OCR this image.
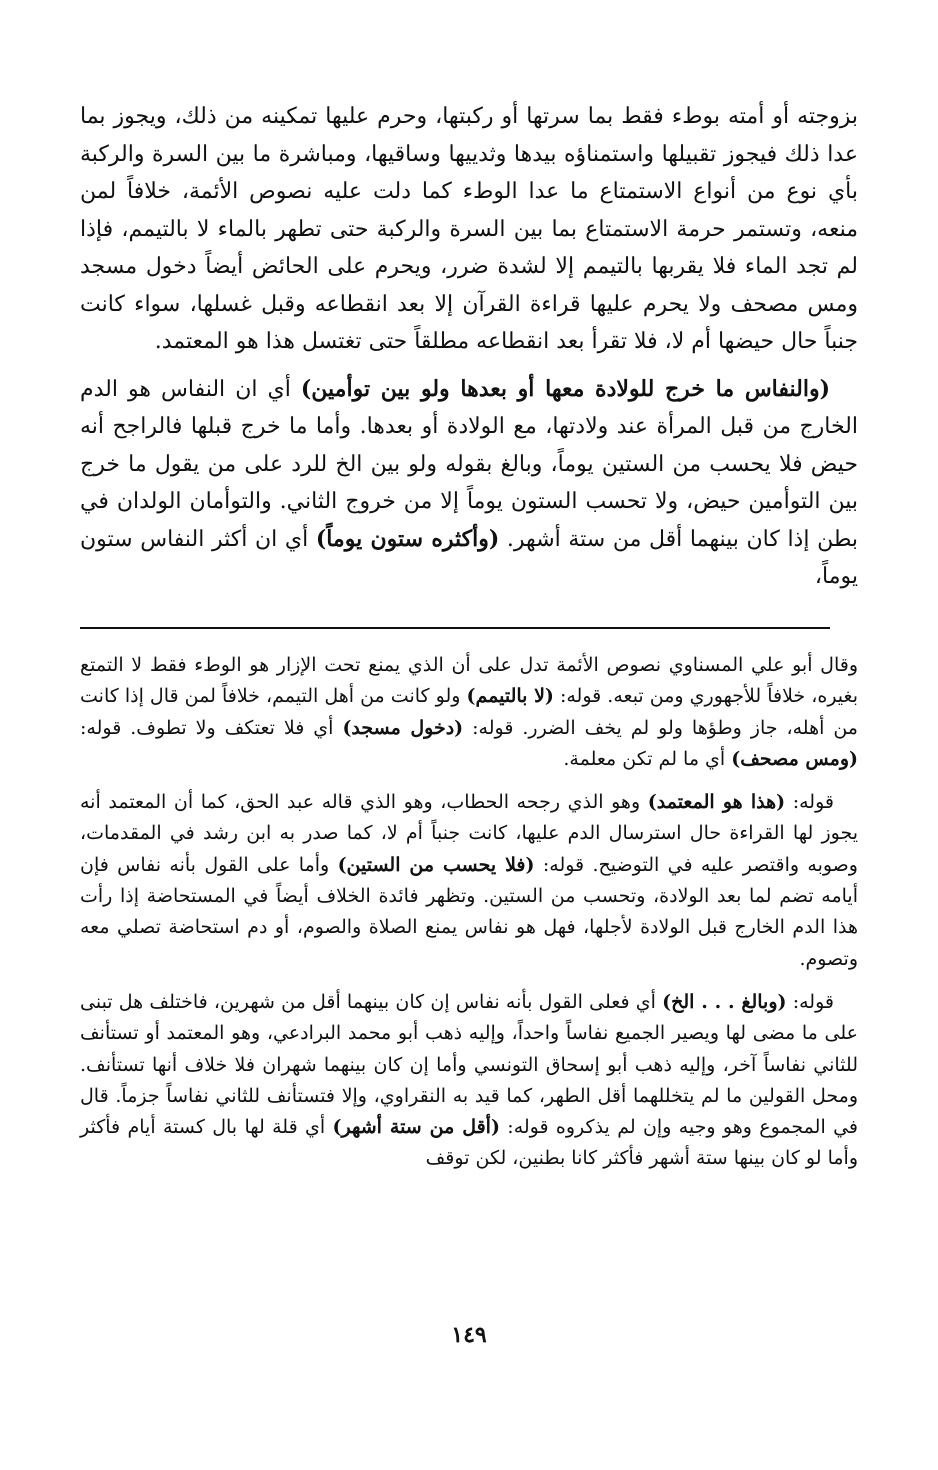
بزوجته أو أمته بوطء فقط بما سرتها أو ركبتها، وحرم عليها تمكينه من ذلك، ويجوز بما عدا ذلك فيجوز تقبيلها واستمناؤه بيدها وثدييها وساقيها، ومباشرة ما بين السرة والركبة بأي نوع من أنواع الاستمتاع ما عدا الوطء كما دلت عليه نصوص الأئمة، خلافاً لمن منعه، وتستمر حرمة الاستمتاع بما بين السرة والركبة حتى تطهر بالماء لا بالتيمم، فإذا لم تجد الماء فلا يقربها بالتيمم إلا لشدة ضرر، ويحرم على الحائض أيضاً دخول مسجد ومس مصحف ولا يحرم عليها قراءة القرآن إلا بعد انقطاعه وقبل غسلها، سواء كانت جنباً حال حيضها أم لا، فلا تقرأ بعد انقطاعه مطلقاً حتى تغتسل هذا هو المعتمد.

(والنفاس ما خرج للولادة معها أو بعدها ولو بين توأمين) أي ان النفاس هو الدم الخارج من قبل المرأة عند ولادتها، مع الولادة أو بعدها. وأما ما خرج قبلها فالراجح أنه حيض فلا يحسب من الستين يوماً، وبالغ بقوله ولو بين الخ للرد على من يقول ما خرج بين التوأمين حيض، ولا تحسب الستون يوماً إلا من خروج الثاني. والتوأمان الولدان في بطن إذا كان بينهما أقل من ستة أشهر. (وأكثره ستون يوماً) أي ان أكثر النفاس ستون يوماً،

وقال أبو علي المسناوي نصوص الأئمة تدل على أن الذي يمنع تحت الإزار هو الوطء فقط لا التمتع بغيره، خلافاً للأجهوري ومن تبعه. قوله: (لا بالتيمم) ولو كانت من أهل التيمم، خلافاً لمن قال إذا كانت من أهله، جاز وطؤها ولو لم يخف الضرر. قوله: (دخول مسجد) أي فلا تعتكف ولا تطوف. قوله: (ومس مصحف) أي ما لم تكن معلمة.

قوله: (هذا هو المعتمد) وهو الذي رجحه الحطاب، وهو الذي قاله عبد الحق، كما أن المعتمد أنه يجوز لها القراءة حال استرسال الدم عليها، كانت جنباً أم لا، كما صدر به ابن رشد في المقدمات، وصوبه واقتصر عليه في التوضيح. قوله: (فلا يحسب من الستين) وأما على القول بأنه نفاس فإن أيامه تضم لما بعد الولادة، وتحسب من الستين. وتظهر فائدة الخلاف أيضاً في المستحاضة إذا رأت هذا الدم الخارج قبل الولادة لأجلها، فهل هو نفاس يمنع الصلاة والصوم، أو دم استحاضة تصلي معه وتصوم.

قوله: (وبالغ . . . الخ) أي فعلى القول بأنه نفاس إن كان بينهما أقل من شهرين، فاختلف هل تبنى على ما مضى لها ويصير الجميع نفاساً واحداً، وإليه ذهب أبو محمد البرادعي، وهو المعتمد أو تستأنف للثاني نفاساً آخر، وإليه ذهب أبو إسحاق التونسي وأما إن كان بينهما شهران فلا خلاف أنها تستأنف. ومحل القولين ما لم يتخللهما أقل الطهر، كما قيد به النقراوي، وإلا فتستأنف للثاني نفاساً جزماً. قال في المجموع وهو وجيه وإن لم يذكروه قوله: (أقل من ستة أشهر) أي قلة لها بال كستة أيام فأكثر وأما لو كان بينها ستة أشهر فأكثر كانا بطنين، لكن توقف

١٤٩
